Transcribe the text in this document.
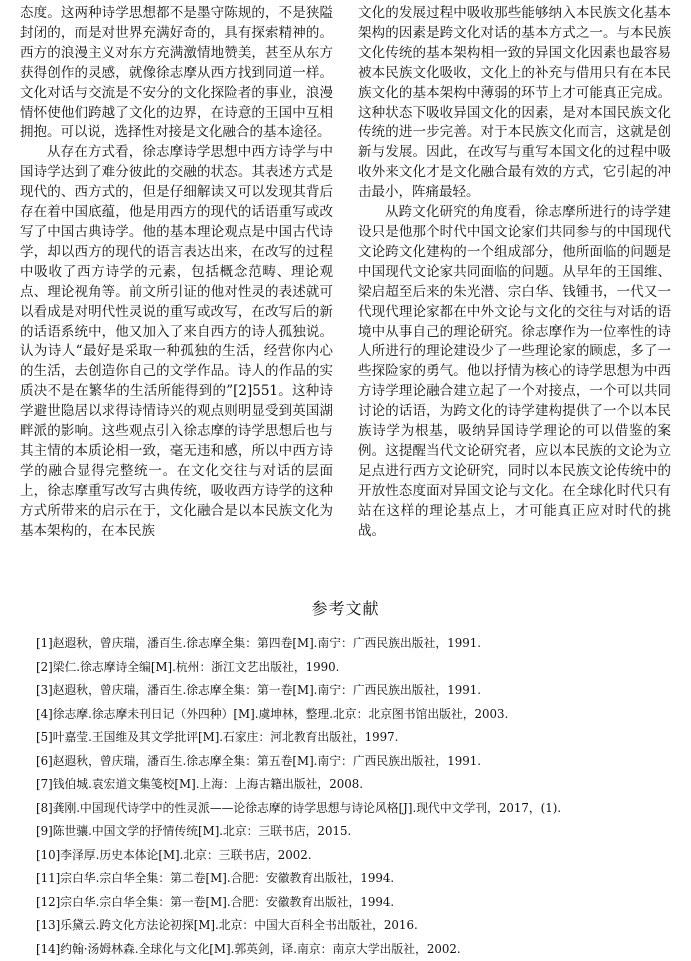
态度。这两种诗学思想都不是墨守陈规的，不是狭隘封闭的，而是对世界充满好奇的，具有探索精神的。西方的浪漫主义对东方充满激情地赞美，甚至从东方获得创作的灵感，就像徐志摩从西方找到同道一样。文化对话与交流是不安分的文化探险者的事业，浪漫情怀使他们跨越了文化的边界，在诗意的王国中互相拥抱。可以说，选择性对接是文化融合的基本途径。

从存在方式看，徐志摩诗学思想中西方诗学与中国诗学达到了难分彼此的交融的状态。其表述方式是现代的、西方式的，但是仔细解读又可以发现其背后存在着中国底蕴，他是用西方的现代的话语重写或改写了中国古典诗学。他的基本理论观点是中国古代诗学，却以西方的现代的语言表达出来，在改写的过程中吸收了西方诗学的元素，包括概念范畴、理论观点、理论视角等。前文所引证的他对性灵的表述就可以看成是对明代性灵说的重写或改写，在改写后的新的话语系统中，他又加入了来自西方的诗人孤独说。认为诗人“最好是采取一种孤独的生活，经营你内心的生活，去创造你自己的文学作品。诗人的作品的实质决不是在繁华的生活所能得到的”[2]551。这种诗学避世隐居以求得诗情诗兴的观点则明显受到英国湖畔派的影响。这些观点引入徐志摩的诗学思想后也与其主情的本质论相一致，毫无违和感，所以中西方诗学的融合显得完整统一。在文化交往与对话的层面上，徐志摩重写改写古典传统，吸收西方诗学的这种方式所带来的启示在于，文化融合是以本民族文化为基本架构的，在本民族

文化的发展过程中吸收那些能够纳入本民族文化基本架构的因素是跨文化对话的基本方式之一。与本民族文化传统的基本架构相一致的异国文化因素也最容易被本民族文化吸收，文化上的补充与借用只有在本民族文化的基本架构中薄弱的环节上才可能真正完成。这种状态下吸收异国文化的因素，是对本国民族文化传统的进一步完善。对于本民族文化而言，这就是创新与发展。因此，在改写与重写本国文化的过程中吸收外来文化才是文化融合最有效的方式，它引起的冲击最小，阵痛最轻。

从跨文化研究的角度看，徐志摩所进行的诗学建设只是他那个时代中国文论家们共同参与的中国现代文论跨文化建构的一个组成部分，他所面临的问题是中国现代文论家共同面临的问题。从早年的王国维、梁启超至后来的朱光潜、宗白华、钱锺书，一代又一代现代理论家都在中外文论与文化的交往与对话的语境中从事自己的理论研究。徐志摩作为一位率性的诗人所进行的理论建设少了一些理论家的顾虑，多了一些探险家的勇气。他以抒情为核心的诗学思想为中西方诗学理论融合建立起了一个对接点，一个可以共同讨论的话语，为跨文化的诗学建构提供了一个以本民族诗学为根基，吸纳异国诗学理论的可以借鉴的案例。这提醒当代文论研究者，应以本民族的文论为立足点进行西方文论研究，同时以本民族文论传统中的开放性态度面对异国文论与文化。在全球化时代只有站在这样的理论基点上，才可能真正应对时代的挑战。

参考文献
[1]赵遐秋，曾庆瑞，潘百生.徐志摩全集：第四卷[M].南宁：广西民族出版社，1991.
[2]梁仁.徐志摩诗全编[M].杭州：浙江文艺出版社，1990.
[3]赵遐秋，曾庆瑞，潘百生.徐志摩全集：第一卷[M].南宁：广西民族出版社，1991.
[4]徐志摩.徐志摩未刊日记（外四种）[M].虞坤林，整理.北京：北京图书馆出版社，2003.
[5]叶嘉莹.王国维及其文学批评[M].石家庄：河北教育出版社，1997.
[6]赵遐秋，曾庆瑞，潘百生.徐志摩全集：第五卷[M].南宁：广西民族出版社，1991.
[7]钱伯城.袁宏道文集笺校[M].上海：上海古籍出版社，2008.
[8]龚刚.中国现代诗学中的性灵派——论徐志摩的诗学思想与诗论风格[J].现代中文学刊，2017，(1).
[9]陈世骧.中国文学的抒情传统[M].北京：三联书店，2015.
[10]李泽厚.历史本体论[M].北京：三联书店，2002.
[11]宗白华.宗白华全集：第二卷[M].合肥：安徽教育出版社，1994.
[12]宗白华.宗白华全集：第一卷[M].合肥：安徽教育出版社，1994.
[13]乐黛云.跨文化方法论初探[M].北京：中国大百科全书出版社，2016.
[14]约翰·汤姆林森.全球化与文化[M].郭英剑，译.南京：南京大学出版社，2002.
